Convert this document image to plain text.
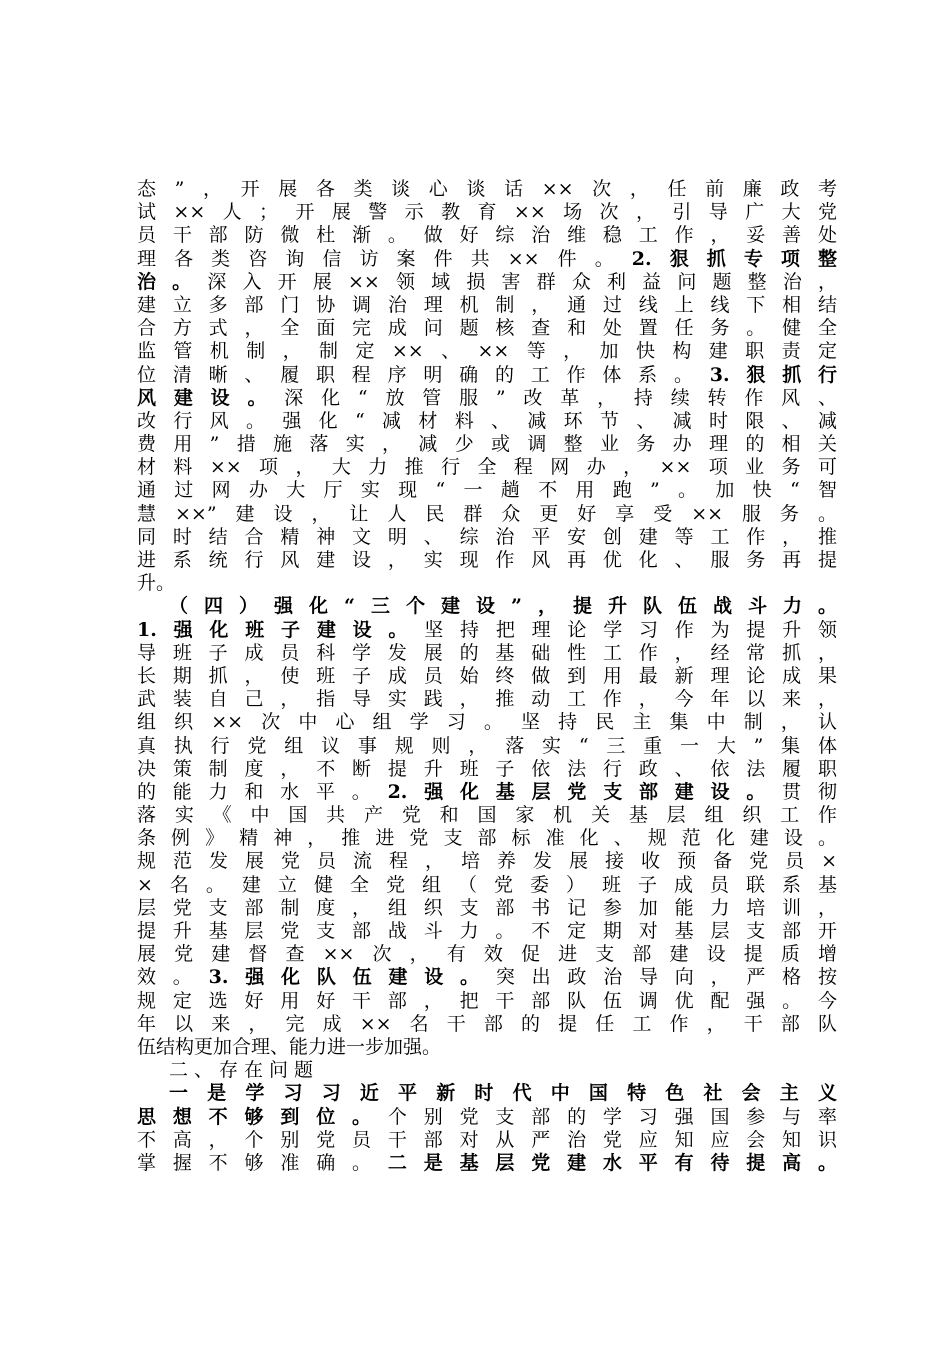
态”，开展各类谈心谈话××次，任前廉政考
试××人；开展警示教育××场次，引导广大党
员干部防微杜渐。做好综治维稳工作，妥善处
理各类咨询信访案件共××件。2.狠抓专项整
治。深入开展××领域损害群众利益问题整治，
建立多部门协调治理机制，通过线上线下相结
合方式，全面完成问题核查和处置任务。健全
监管机制，制定××、××等，加快构建职责定
位清晰、履职程序明确的工作体系。3.狠抓行
风建设。深化“放管服”改革，持续转作风、
改行风。强化“减材料、减环节、减时限、减
费用”措施落实，减少或调整业务办理的相关
材料××项，大力推行全程网办，××项业务可
通过网办大厅实现“一趟不用跑”。加快“智
慧××”建设，让人民群众更好享受××服务。
同时结合精神文明、综治平安创建等工作，推
进系统行风建设，实现作风再优化、服务再提
升。
（四）强化“三个建设”，提升队伍战斗力。
1.强化班子建设。坚持把理论学习作为提升领
导班子成员科学发展的基础性工作，经常抓，
长期抓，使班子成员始终做到用最新理论成果
武装自己，指导实践，推动工作，今年以来，
组织××次中心组学习。坚持民主集中制，认
真执行党组议事规则，落实“三重一大”集体
决策制度，不断提升班子依法行政、依法履职
的能力和水平。2.强化基层党支部建设。贯彻
落实《中国共产党和国家机关基层组织工作
条例》精神，推进党支部标准化、规范化建设。
规范发展党员流程，培养发展接收预备党员×
×名。建立健全党组（党委）班子成员联系基
层党支部制度，组织支部书记参加能力培训，
提升基层党支部战斗力。不定期对基层支部开
展党建督查××次，有效促进支部建设提质增
效。3.强化队伍建设。突出政治导向，严格按
规定选好用好干部，把干部队伍调优配强。今
年以来，完成××名干部的提任工作，干部队
伍结构更加合理、能力进一步加强。
二、存在问题
一是学习习近平新时代中国特色社会主义
思想不够到位。个别党支部的学习强国参与率
不高，个别党员干部对从严治党应知应会知识
掌握不够准确。二是基层党建水平有待提高。
